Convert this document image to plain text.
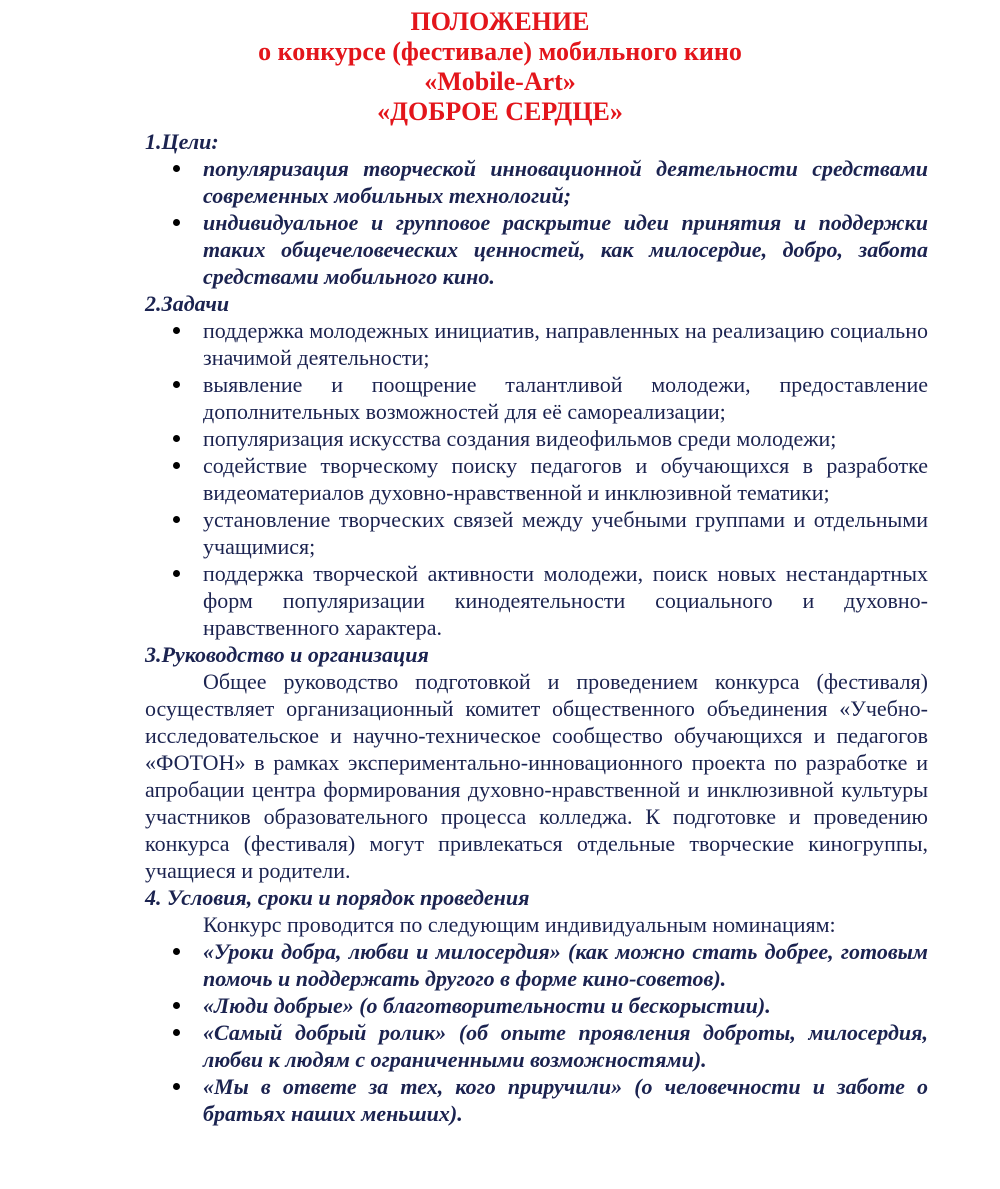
ПОЛОЖЕНИЕ
о конкурсе (фестивале) мобильного кино
«Mobile-Art»
«ДОБРОЕ СЕРДЦЕ»
1.Цели:
популяризация творческой инновационной деятельности средствами современных мобильных технологий;
индивидуальное и групповое раскрытие идеи принятия и поддержки таких общечеловеческих ценностей, как милосердие, добро, забота средствами мобильного кино.
2.Задачи
поддержка молодежных инициатив, направленных на реализацию социально значимой деятельности;
выявление и поощрение талантливой молодежи, предоставление дополнительных возможностей для её самореализации;
популяризация искусства создания видеофильмов среди молодежи;
содействие творческому поиску педагогов и обучающихся в разработке видеоматериалов духовно-нравственной и инклюзивной тематики;
установление творческих связей между учебными группами и отдельными учащимися;
поддержка творческой активности молодежи, поиск новых нестандартных форм популяризации кинодеятельности социального и духовно-нравственного характера.
3.Руководство и организация
Общее руководство подготовкой и проведением конкурса (фестиваля) осуществляет организационный комитет общественного объединения «Учебно-исследовательское и научно-техническое сообщество обучающихся и педагогов «ФОТОН» в рамках экспериментально-инновационного проекта по разработке и апробации центра формирования духовно-нравственной и инклюзивной культуры участников образовательного процесса колледжа. К подготовке и проведению конкурса (фестиваля) могут привлекаться отдельные творческие киногруппы, учащиеся и родители.
4. Условия, сроки и порядок проведения
Конкурс проводится по следующим индивидуальным номинациям:
«Уроки добра, любви и милосердия» (как можно стать добрее, готовым помочь и поддержать другого в форме кино-советов).
«Люди добрые» (о благотворительности и бескорыстии).
«Самый добрый ролик» (об опыте проявления доброты, милосердия, любви к людям с ограниченными возможностями).
«Мы в ответе за тех, кого приручили» (о человечности и заботе о братьях наших меньших).
